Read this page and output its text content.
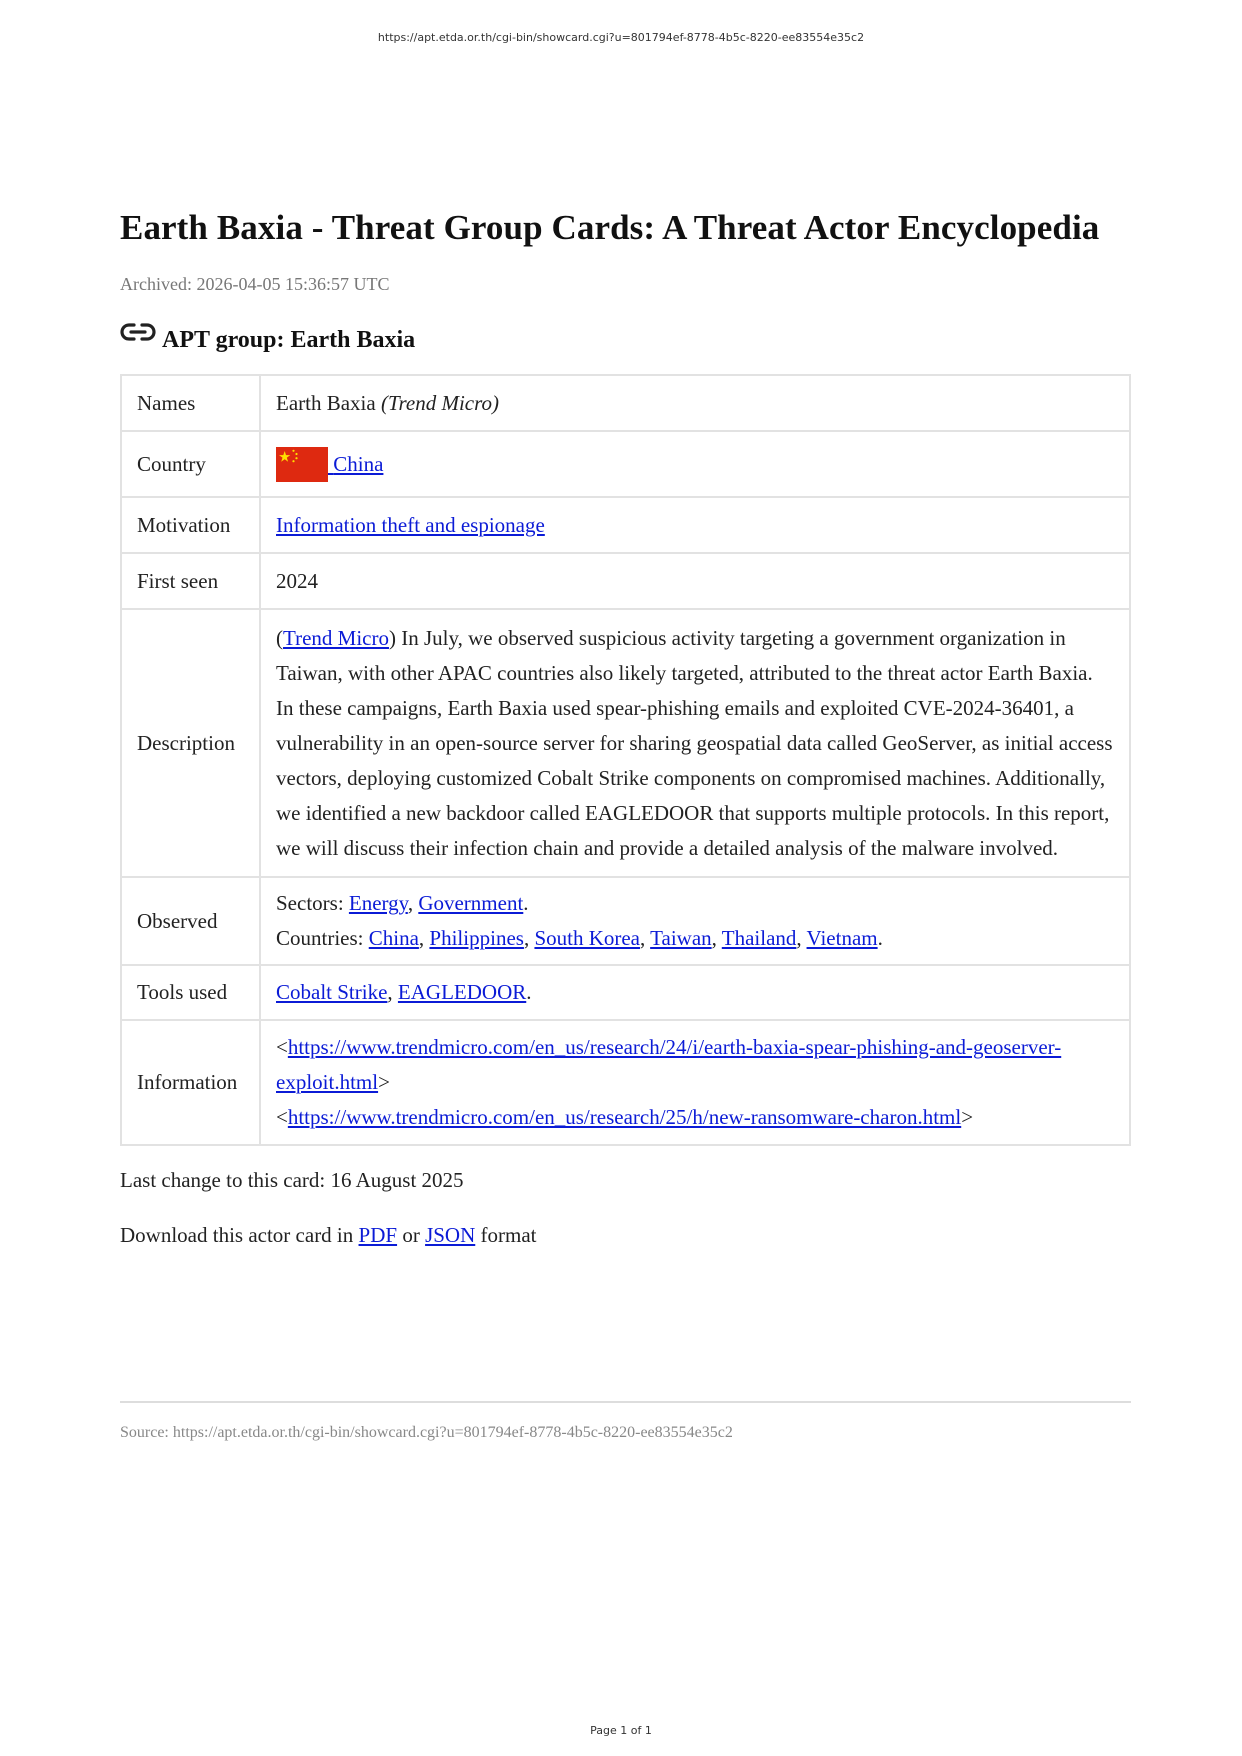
https://apt.etda.or.th/cgi-bin/showcard.cgi?u=801794ef-8778-4b5c-8220-ee83554e35c2
Earth Baxia - Threat Group Cards: A Threat Actor Encyclopedia
Archived: 2026-04-05 15:36:57 UTC
APT group: Earth Baxia
Names	Earth Baxia (Trend Micro)
Country	China
Motivation	Information theft and espionage
First seen	2024
Description	(Trend Micro) In July, we observed suspicious activity targeting a government organization in Taiwan, with other APAC countries also likely targeted, attributed to the threat actor Earth Baxia. In these campaigns, Earth Baxia used spear-phishing emails and exploited CVE-2024-36401, a vulnerability in an open-source server for sharing geospatial data called GeoServer, as initial access vectors, deploying customized Cobalt Strike components on compromised machines. Additionally, we identified a new backdoor called EAGLEDOOR that supports multiple protocols. In this report, we will discuss their infection chain and provide a detailed analysis of the malware involved.
Observed	Sectors: Energy, Government.
Countries: China, Philippines, South Korea, Taiwan, Thailand, Vietnam.

Tools used	Cobalt Strike, EAGLEDOOR.
Information	<https://www.trendmicro.com/en_us/research/24/i/earth-baxia-spear-phishing-and-geoserver-exploit.html>
<https://www.trendmicro.com/en_us/research/25/h/new-ransomware-charon.html>
Last change to this card: 16 August 2025
Download this actor card in PDF or JSON format
Source: https://apt.etda.or.th/cgi-bin/showcard.cgi?u=801794ef-8778-4b5c-8220-ee83554e35c2
Page 1 of 1
